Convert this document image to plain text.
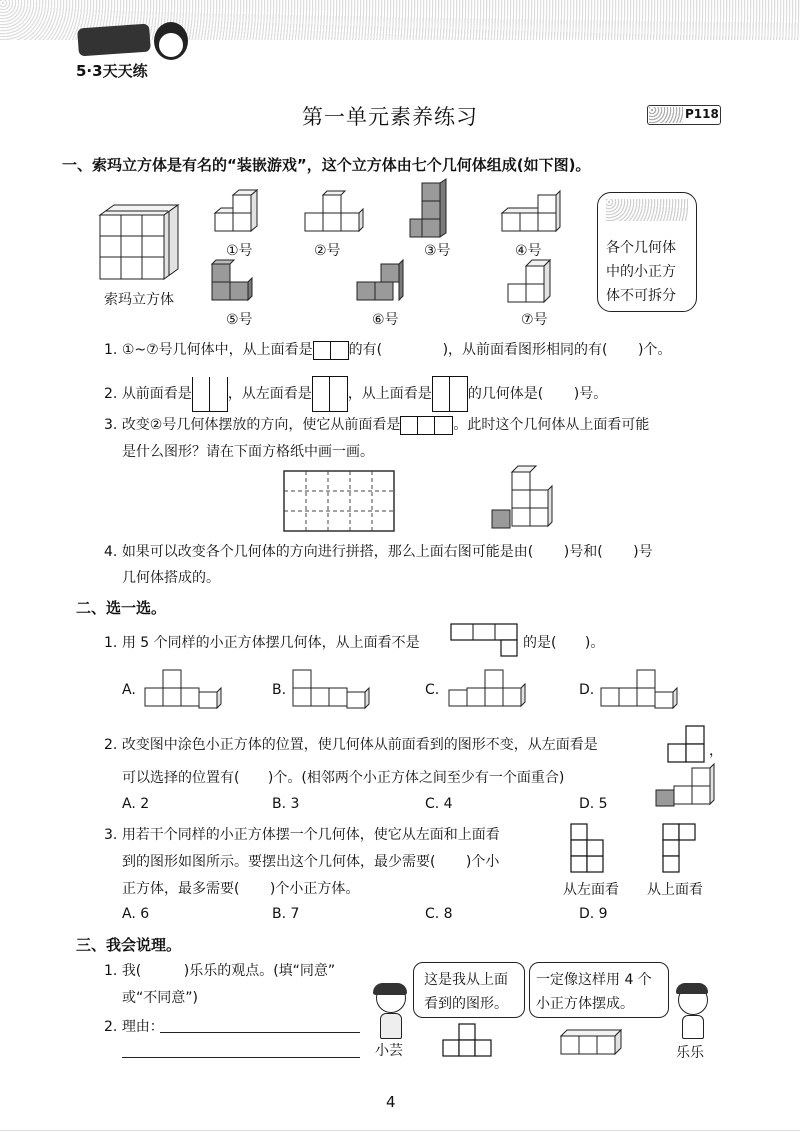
5·3天天练
第一单元素养练习	P118
一、索玛立方体是有名的“装嵌游戏”，这个立方体由七个几何体组成(如下图)。
索玛立方体
①号	②号	③号	④号	各个几何体
中的小正方
体不可拆分
⑤号	⑥号	⑦号
1. ①~⑦号几何体中，从上面看是	的有(	)，从前面看图形相同的有( )个。
2. 从前面看是	，从左面看是	，从上面看是	的几何体是( )号。
3. 改变②号几何体摆放的方向，使它从前面看是	。此时这个几何体从上面看可能
是什么图形？请在下面方格纸中画一画。
4. 如果可以改变各个几何体的方向进行拼搭，那么上面右图可能是由( )号和( )号
几何体搭成的。
二、选一选。
1. 用 5 个同样的小正方体摆几何体，从上面看不是	的是( )。
A.	B.	C.	D.
2. 改变图中涂色小正方体的位置，使几何体从前面看到的图形不变，从左面看是	，
可以选择的位置有( )个。(相邻两个小正方体之间至少有一个面重合)
A. 2	B. 3	C. 4	D. 5
3. 用若干个同样的小正方体摆一个几何体，使它从左面和上面看
到的图形如图所示。要摆出这个几何体，最少需要( )个小
正方体，最多需要( )个小正方体。	从左面看 从上面看
A. 6	B. 7	C. 8	D. 9
三、我会说理。
1. 我(	)乐乐的观点。(填“同意”
或“不同意”)
2. 理由：
小芸
这是我从上面
看到的图形。
一定像这样用 4 个
小正方体摆成。
乐乐
4
